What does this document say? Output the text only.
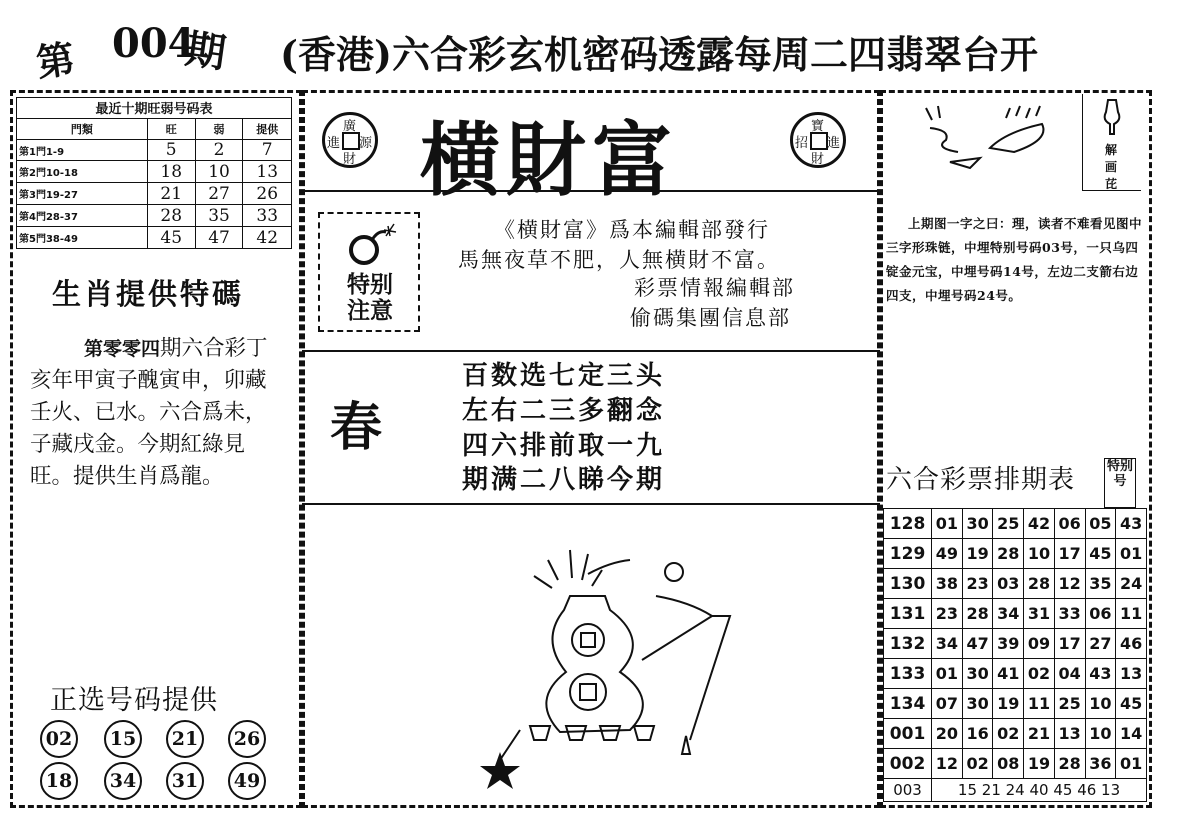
第 004
期 (香港)六合彩玄机密码透露每周二四翡翠台开
最近十期旺弱号码表			
門類	旺	弱	提供
第1門1-9	5	2	7
第2門10-18	18	10	13
第3門19-27	21	27	26
第4門28-37	28	35	33
第5門38-49	45	47	42
生肖提供特碼
第零零四期六合彩丁亥年甲寅子醜寅申，卯藏壬火、已水。六合爲未，子藏戌金。今期紅綠見旺。提供生肖爲龍。
正选号码提供
02	15	21	26
18	34	31	49
廣
進 源
財 横財富	寶
招 進
財
特别
注意
《横財富》爲本編輯部發行
馬無夜草不肥，人無横財不富。
彩票情報編輯部
偷碼集團信息部
春
百数选七定三头
左右二三多翻念
四六排前取一九
期满二八睇今期
解画芘
上期图一字之曰：理，读者不难看见图中三字形珠链，中埋特别号码03号，一只乌四锭金元宝，中埋号码14号，左边二支箭右边四支，中埋号码24号。
六合彩票排期表 特别号
128	01	30	25	42	06	05	43
129	49	19	28	10	17	45	01
130	38	23	03	28	12	35	24
131	23	28	34	31	33	06	11
132	34	47	39	09	17	27	46
133	01	30	41	02	04	43	13
134	07	30	19	11	25	10	45
001	20	16	02	21	13	10	14
002	12	02	08	19	28	36	01
003	15 21 24 40 45 46 13						
